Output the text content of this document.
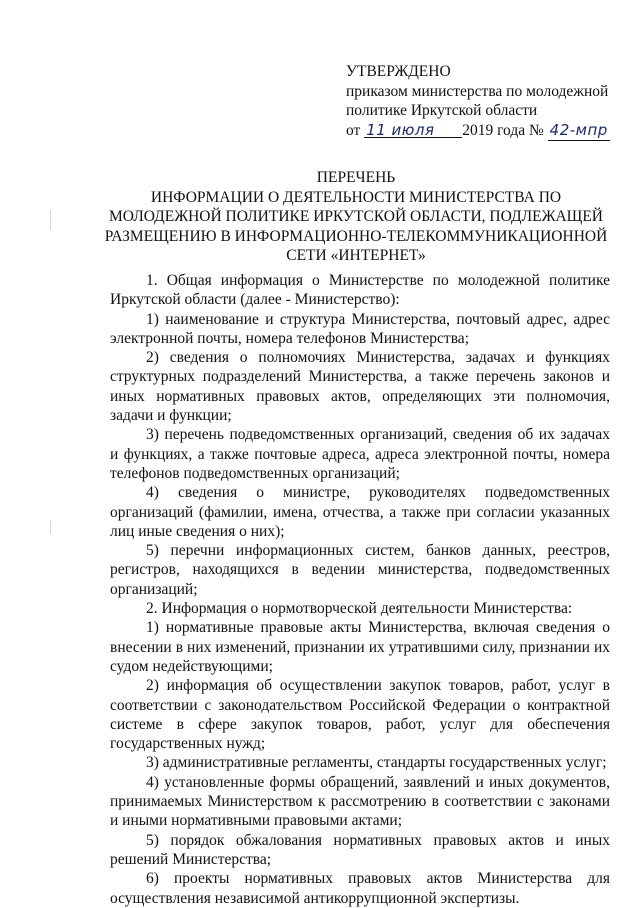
УТВЕРЖДЕНО
приказом министерства по молодежной
политике Иркутской области
от 11 июля 2019 года № 42-мпр
ПЕРЕЧЕНЬ
ИНФОРМАЦИИ О ДЕЯТЕЛЬНОСТИ МИНИСТЕРСТВА ПО
МОЛОДЕЖНОЙ ПОЛИТИКЕ ИРКУТСКОЙ ОБЛАСТИ, ПОДЛЕЖАЩЕЙ
РАЗМЕЩЕНИЮ В ИНФОРМАЦИОННО-ТЕЛЕКОММУНИКАЦИОННОЙ
СЕТИ «ИНТЕРНЕТ»

1. Общая информация о Министерстве по молодежной политике Иркутской области (далее - Министерство):

1) наименование и структура Министерства, почтовый адрес, адрес электронной почты, номера телефонов Министерства;

2) сведения о полномочиях Министерства, задачах и функциях структурных подразделений Министерства, а также перечень законов и иных нормативных правовых актов, определяющих эти полномочия, задачи и функции;

3) перечень подведомственных организаций, сведения об их задачах и функциях, а также почтовые адреса, адреса электронной почты, номера телефонов подведомственных организаций;

4) сведения о министре, руководителях подведомственных организаций (фамилии, имена, отчества, а также при согласии указанных лиц иные сведения о них);

5) перечни информационных систем, банков данных, реестров, регистров, находящихся в ведении министерства, подведомственных организаций;

2. Информация о нормотворческой деятельности Министерства:

1) нормативные правовые акты Министерства, включая сведения о внесении в них изменений, признании их утратившими силу, признании их судом недействующими;

2) информация об осуществлении закупок товаров, работ, услуг в соответствии с законодательством Российской Федерации о контрактной системе в сфере закупок товаров, работ, услуг для обеспечения государственных нужд;

3) административные регламенты, стандарты государственных услуг;

4) установленные формы обращений, заявлений и иных документов, принимаемых Министерством к рассмотрению в соответствии с законами и иными нормативными правовыми актами;

5) порядок обжалования нормативных правовых актов и иных решений Министерства;

6) проекты нормативных правовых актов Министерства для осуществления независимой антикоррупционной экспертизы.
